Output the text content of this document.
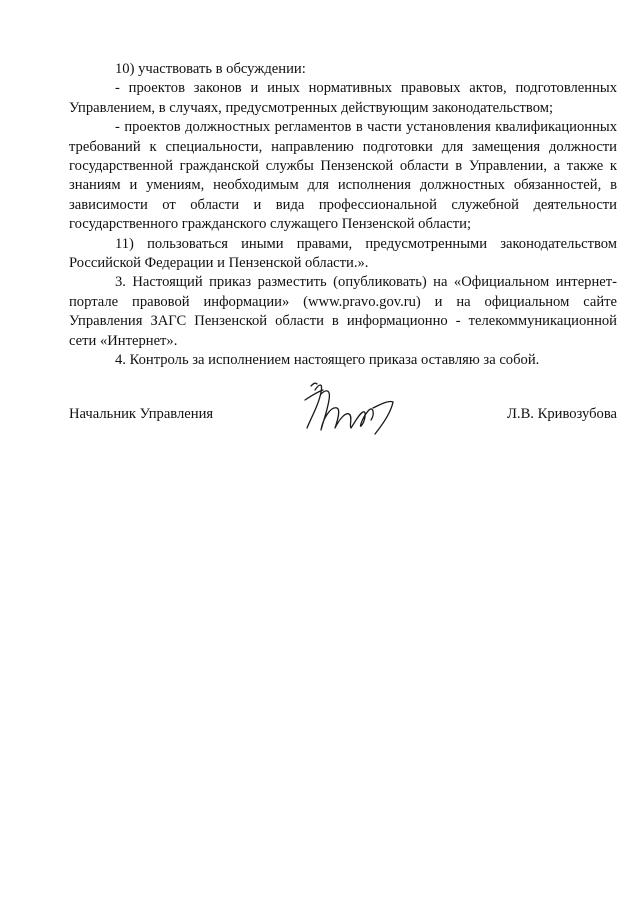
10) участвовать в обсуждении:

- проектов законов и иных нормативных правовых актов, подготовленных Управлением, в случаях, предусмотренных действующим законодательством;

- проектов должностных регламентов в части установления квалификационных требований к специальности, направлению подготовки для замещения должности государственной гражданской службы Пензенской области в Управлении, а также к знаниям и умениям, необходимым для исполнения должностных обязанностей, в зависимости от области и вида профессиональной служебной деятельности государственного гражданского служащего Пензенской области;

11) пользоваться иными правами, предусмотренными законодательством Российской Федерации и Пензенской области.».

3. Настоящий приказ разместить (опубликовать) на «Официальном интернет-портале правовой информации» (www.pravo.gov.ru) и на официальном сайте Управления ЗАГС Пензенской области в информационно - телекоммуникационной сети «Интернет».

4. Контроль за исполнением настоящего приказа оставляю за собой.

Начальник Управления	Л.В. Кривозубова
